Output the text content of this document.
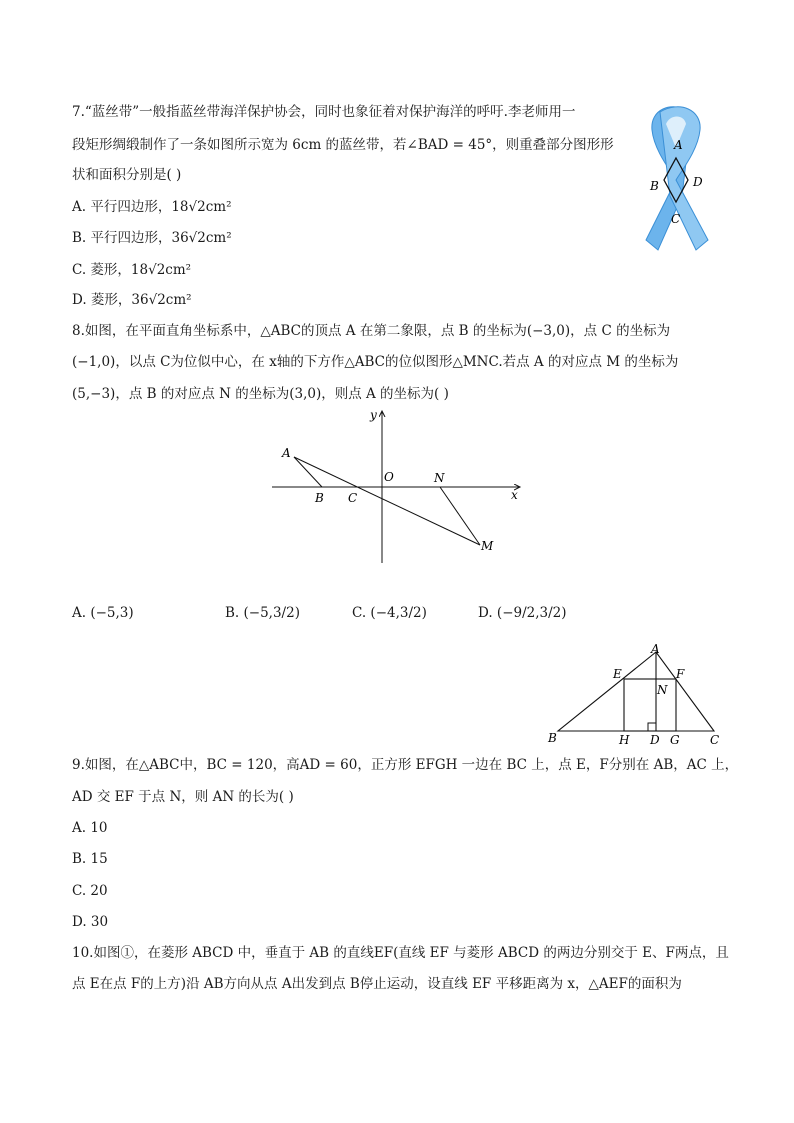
7.“蓝丝带”一般指蓝丝带海洋保护协会，同时也象征着对保护海洋的呼吁.李老师用一
段矩形绸缎制作了一条如图所示宽为 6cm 的蓝丝带，若∠BAD = 45°，则重叠部分图形形
状和面积分别是( )
A. 平行四边形，18√2cm²
B. 平行四边形，36√2cm²
C. 菱形，18√2cm²
D. 菱形，36√2cm²
A
B
C
D
8.如图，在平面直角坐标系中，△ABC的顶点 A 在第二象限，点 B 的坐标为(−3,0)，点 C 的坐标为
(−1,0)，以点 C为位似中心，在 x轴的下方作△ABC的位似图形△MNC.若点 A 的对应点 M 的坐标为
(5,−3)，点 B 的对应点 N 的坐标为(3,0)，则点 A 的坐标为( )
y
x
O
A
B C
N
M
A. (−5,3)	B. (−5,3/2)	C. (−4,3/2)	D. (−9/2,3/2)
A
B	C
D
E	F
G
H
N
9.如图，在△ABC中，BC = 120，高AD = 60，正方形 EFGH 一边在 BC 上，点 E，F分别在 AB，AC 上，
AD 交 EF 于点 N，则 AN 的长为( )
A. 10
B. 15
C. 20
D. 30
10.如图①，在菱形 ABCD 中，垂直于 AB 的直线EF(直线 EF 与菱形 ABCD 的两边分别交于 E、F两点，且
点 E在点 F的上方)沿 AB方向从点 A出发到点 B停止运动，设直线 EF 平移距离为 x，△AEF的面积为
